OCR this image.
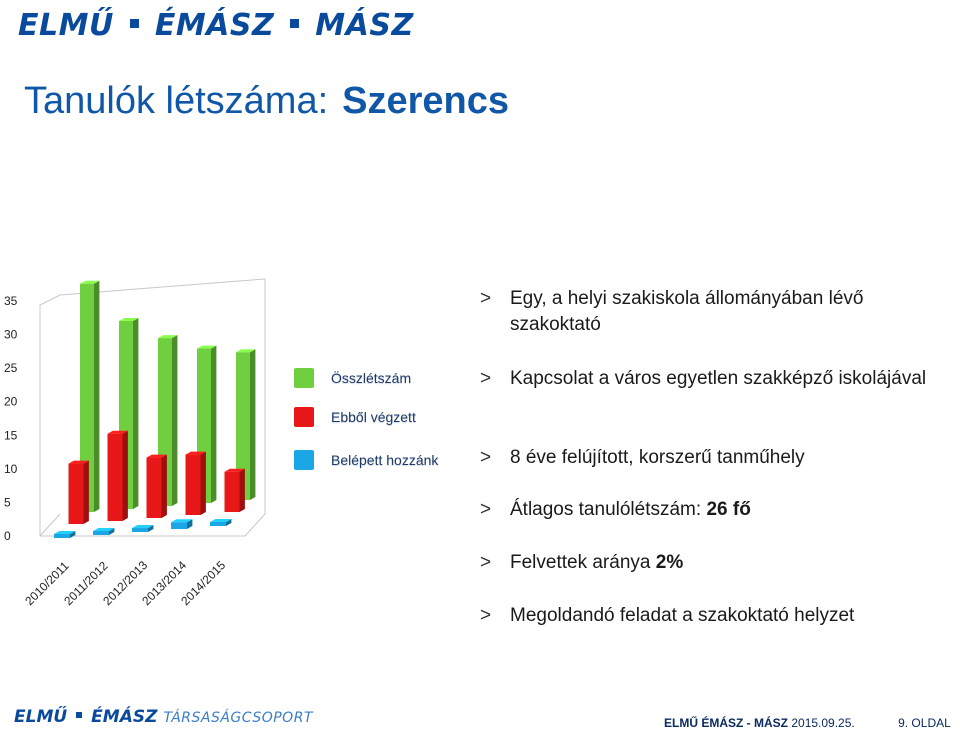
ELMŰ ÉMÁSZ MÁSZ
Tanulók létszáma: Szerencs
0
5
10
15
20
25
30
35
2010/2011
2011/2012
2012/2013
2013/2014
2014/2015
Összlétszám
Ebből végzett
Belépett hozzánk
> Egy, a helyi szakiskola állományában lévő szakoktató
> Kapcsolat a város egyetlen szakképző iskolájával
> 8 éve felújított, korszerű tanműhely
> Átlagos tanulólétszám: 26 fő
> Felvettek aránya 2%
> Megoldandó feladat a szakoktató helyzet
ELMŰ ÉMÁSZ TÁRSASÁGCSOPORT	ELMŰ ÉMÁSZ - MÁSZ 2015.09.25.	9. OLDAL
